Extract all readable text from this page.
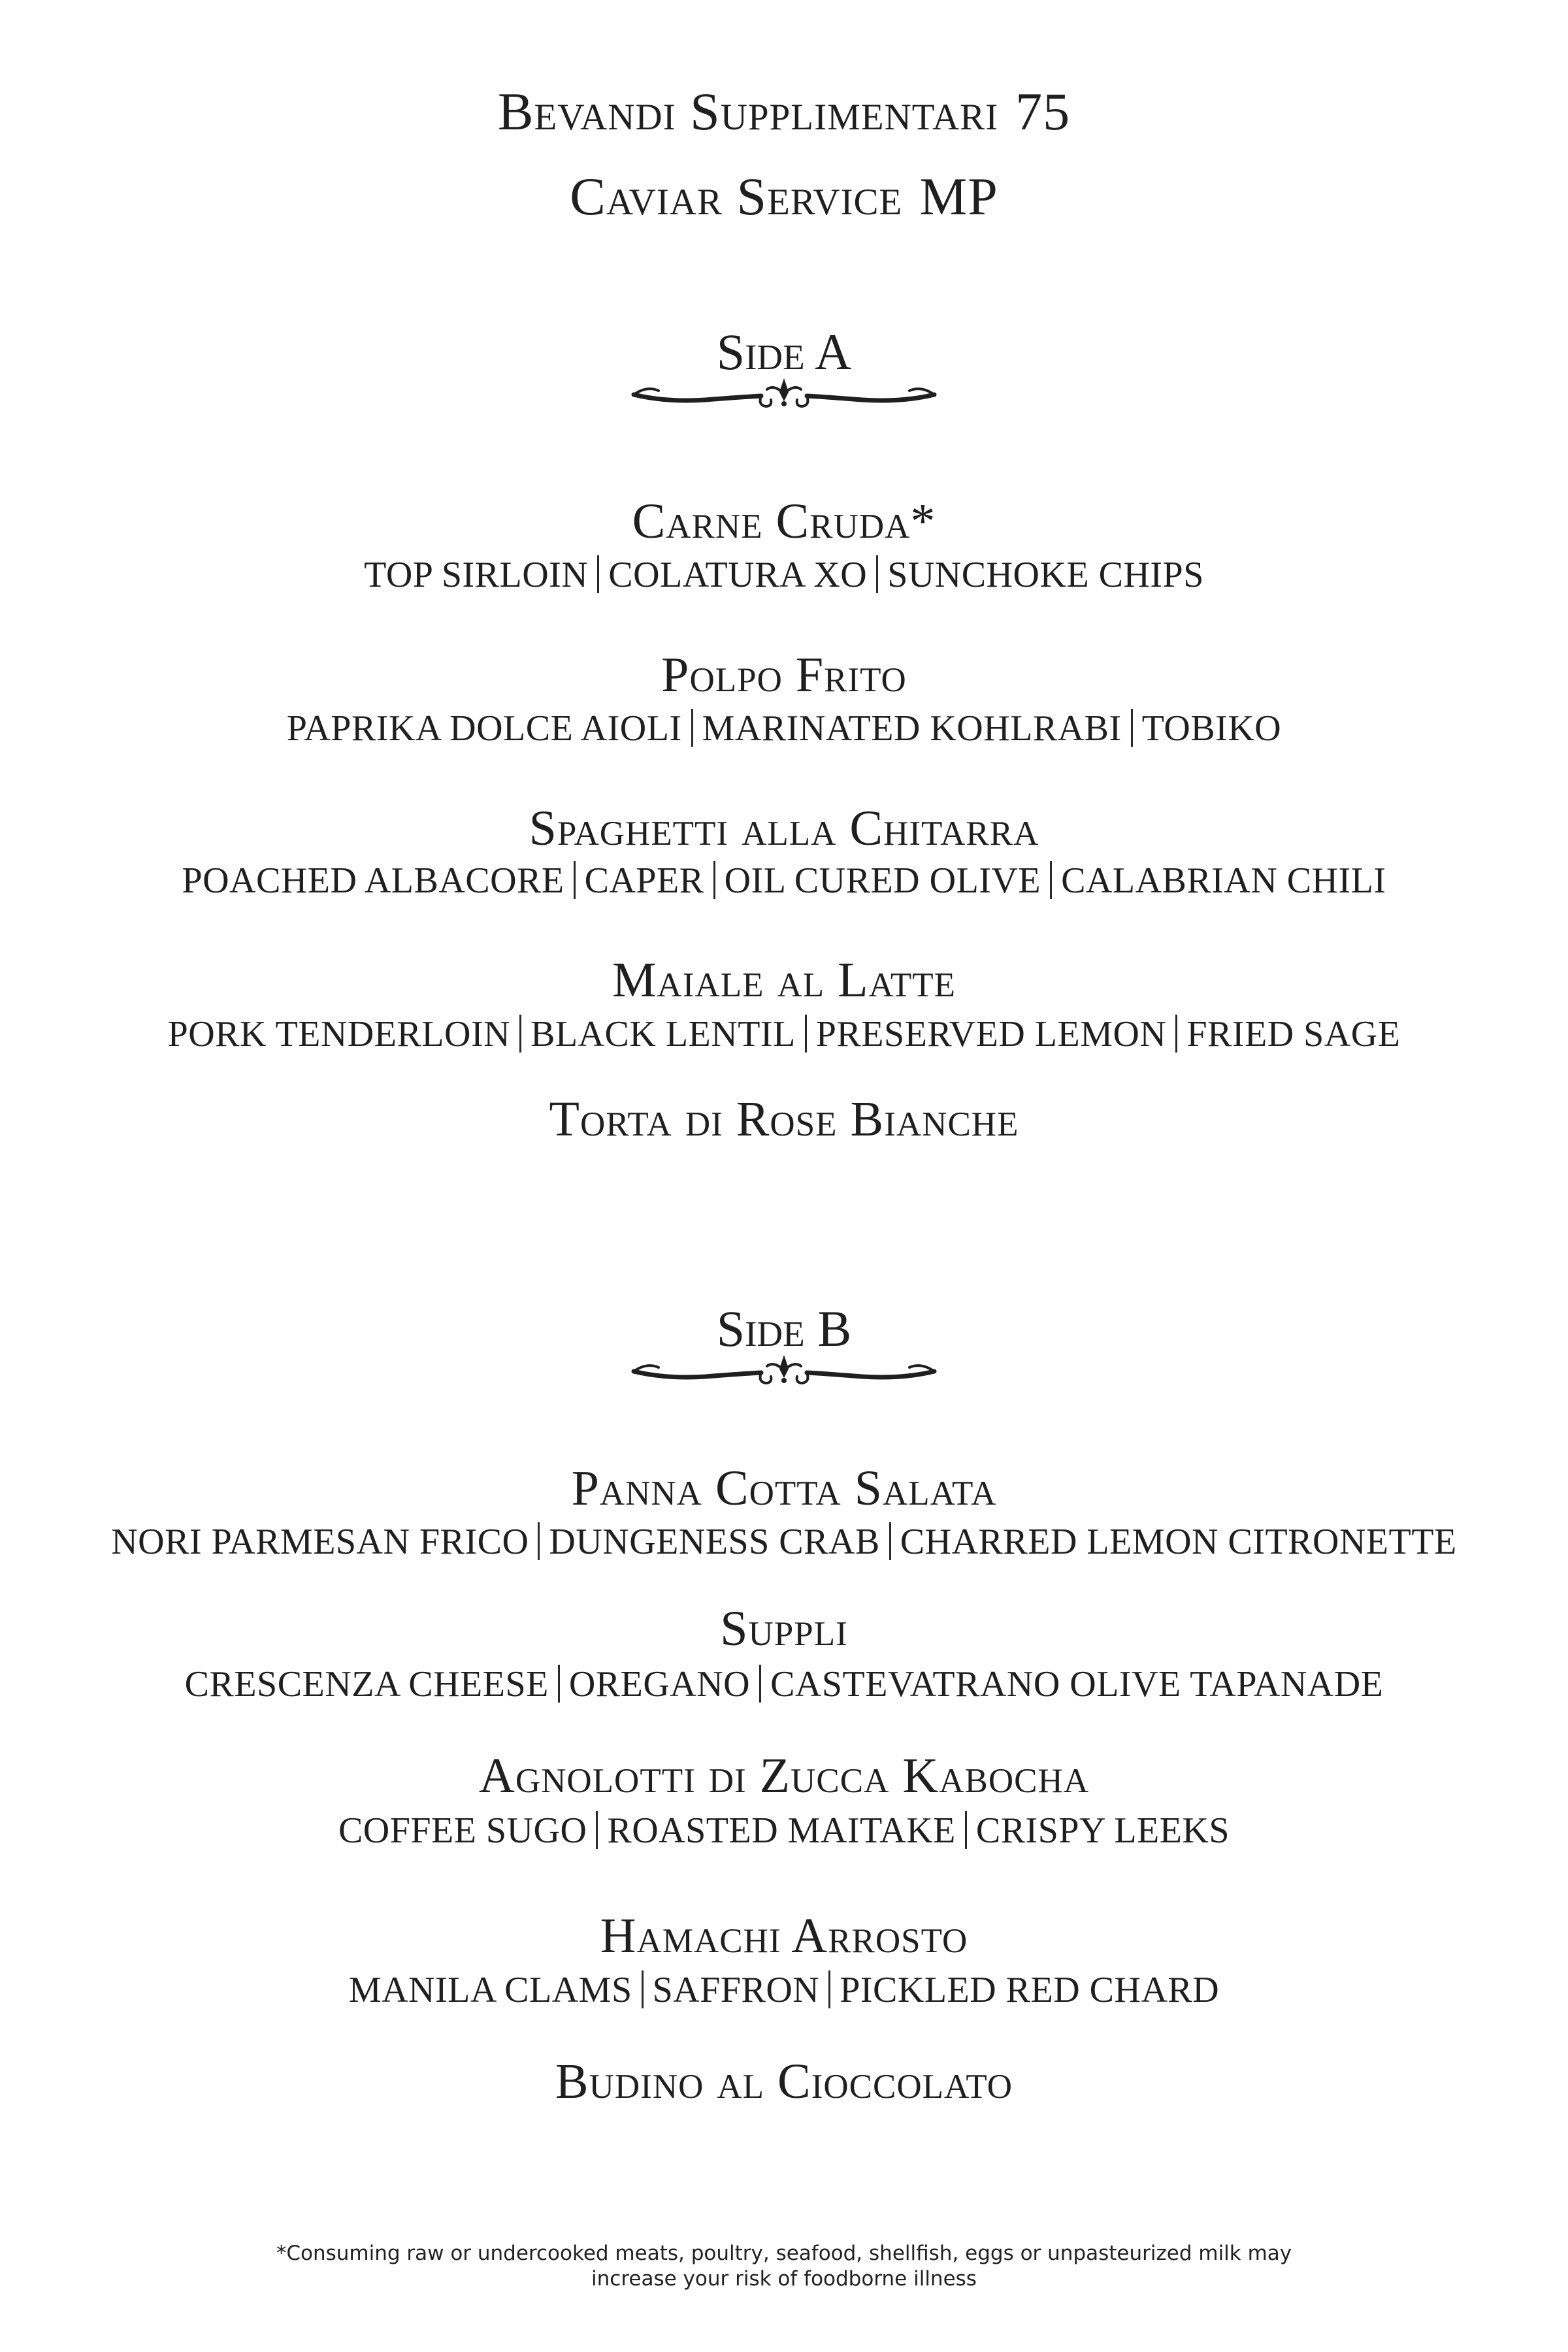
Bevandi Supplimentari 75
Caviar Service MP
Side A
Carne Cruda*
TOP SIRLOIN COLATURA XO SUNCHOKE CHIPS
Polpo Frito
PAPRIKA DOLCE AIOLI MARINATED KOHLRABI TOBIKO
Spaghetti alla Chitarra
POACHED ALBACORE CAPER OIL CURED OLIVE CALABRIAN CHILI
Maiale al Latte
PORK TENDERLOIN BLACK LENTIL PRESERVED LEMON FRIED SAGE
Torta di Rose Bianche
Side B
Panna Cotta Salata
NORI PARMESAN FRICO DUNGENESS CRAB CHARRED LEMON CITRONETTE
Suppli
CRESCENZA CHEESE OREGANO CASTEVATRANO OLIVE TAPANADE
Agnolotti di Zucca Kabocha
COFFEE SUGO ROASTED MAITAKE CRISPY LEEKS
Hamachi Arrosto
MANILA CLAMS SAFFRON PICKLED RED CHARD
Budino al Cioccolato
*Consuming raw or undercooked meats, poultry, seafood, shellfish, eggs or unpasteurized milk may
increase your risk of foodborne illness
